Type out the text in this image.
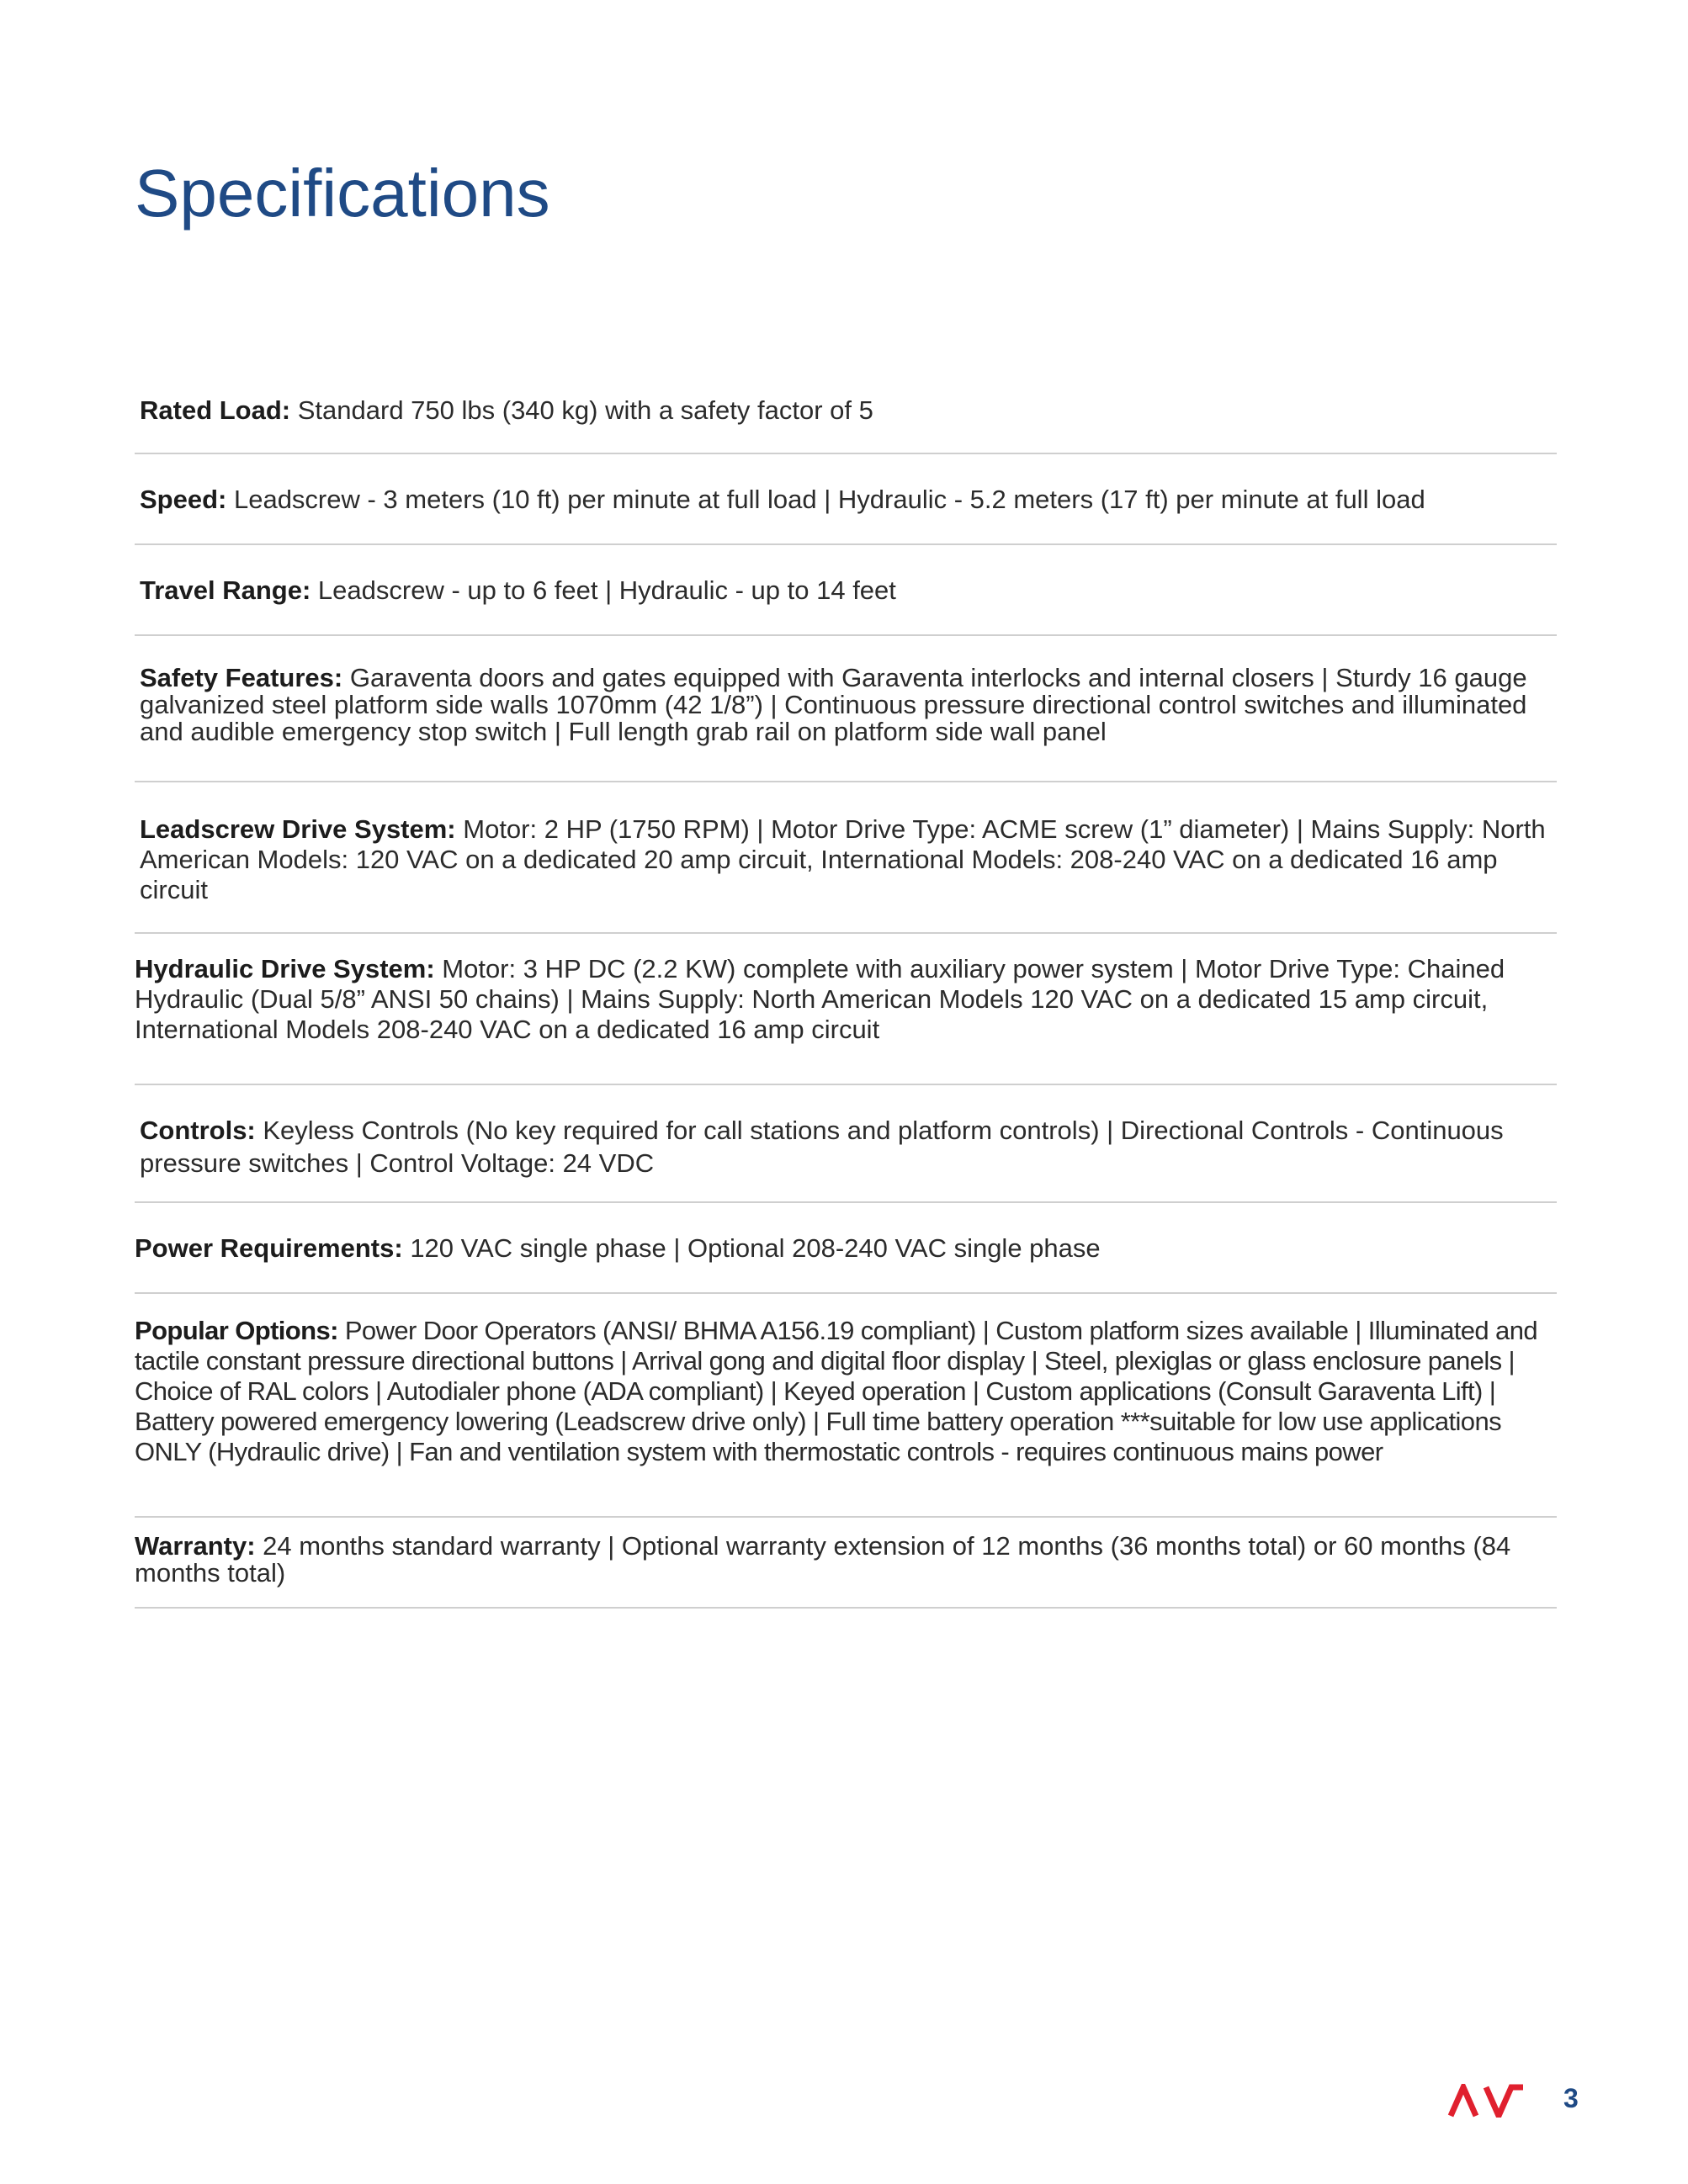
Specifications
Rated Load: Standard 750 lbs (340 kg) with a safety factor of 5
Speed: Leadscrew - 3 meters (10 ft) per minute at full load | Hydraulic - 5.2 meters (17 ft) per minute at full load
Travel Range: Leadscrew - up to 6 feet | Hydraulic - up to 14 feet
Safety Features: Garaventa doors and gates equipped with Garaventa interlocks and internal closers | Sturdy 16 gauge galvanized steel platform side walls 1070mm (42 1/8”) | Continuous pressure directional control switches and illuminated and audible emergency stop switch | Full length grab rail on platform side wall panel
Leadscrew Drive System: Motor: 2 HP (1750 RPM) | Motor Drive Type: ACME screw (1” diameter) | Mains Supply: North American Models: 120 VAC on a dedicated 20 amp circuit, International Models: 208-240 VAC on a dedicated 16 amp circuit
Hydraulic Drive System: Motor: 3 HP DC (2.2 KW) complete with auxiliary power system | Motor Drive Type: Chained Hydraulic (Dual 5/8” ANSI 50 chains) | Mains Supply: North American Models 120 VAC on a dedicated 15 amp circuit, International Models 208-240 VAC on a dedicated 16 amp circuit
Controls: Keyless Controls (No key required for call stations and platform controls) | Directional Controls - Continuous pressure switches | Control Voltage: 24 VDC
Power Requirements: 120 VAC single phase | Optional 208-240 VAC single phase
Popular Options: Power Door Operators (ANSI/ BHMA A156.19 compliant) | Custom platform sizes available | Illuminated and tactile constant pressure directional buttons | Arrival gong and digital floor display | Steel, plexiglas or glass enclosure panels | Choice of RAL colors | Autodialer phone (ADA compliant) | Keyed operation | Custom applications (Consult Garaventa Lift) | Battery powered emergency lowering (Leadscrew drive only) | Full time battery operation ***suitable for low use applications ONLY (Hydraulic drive) | Fan and ventilation system with thermostatic controls - requires continuous mains power
Warranty: 24 months standard warranty | Optional warranty extension of 12 months (36 months total) or 60 months (84 months total)
3
